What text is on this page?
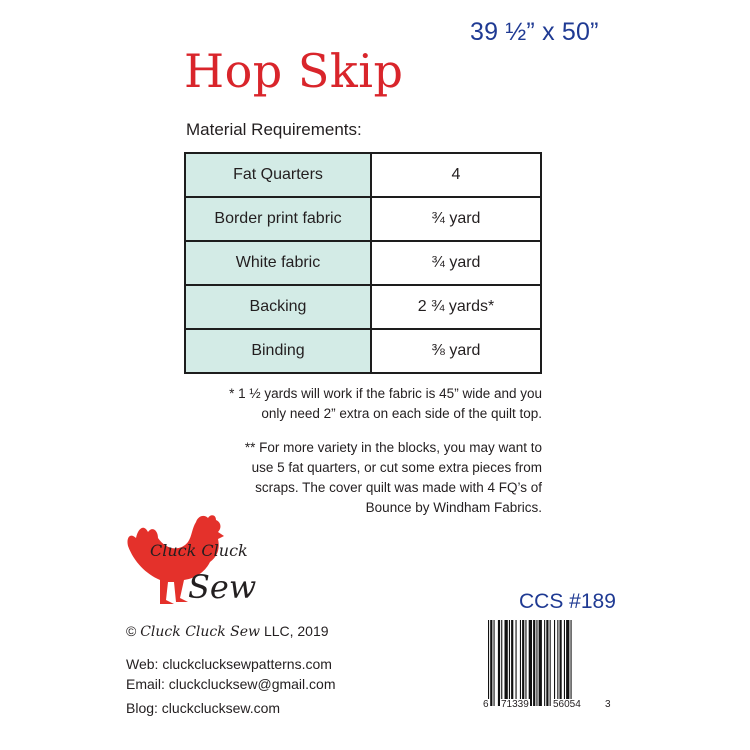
39 ½” x 50”
Hop Skip
Material Requirements:
Fat Quarters	4
Border print fabric	¾ yard
White fabric	¾ yard
Backing	2 ¾ yards*
Binding	⅜ yard
* 1 ½ yards will work if the fabric is 45” wide and you
only need 2” extra on each side of the quilt top.
** For more variety in the blocks, you may want to
use 5 fat quarters, or cut some extra pieces from
scraps. The cover quilt was made with 4 FQ’s of
Bounce by Windham Fabrics.
Cluck Cluck
Sew
© Cluck Cluck Sew LLC, 2019
Web: cluckclucksewpatterns.com
Email: cluckclucksew@gmail.com
Blog: cluckclucksew.com
CCS #189
6 71339 56054 3
